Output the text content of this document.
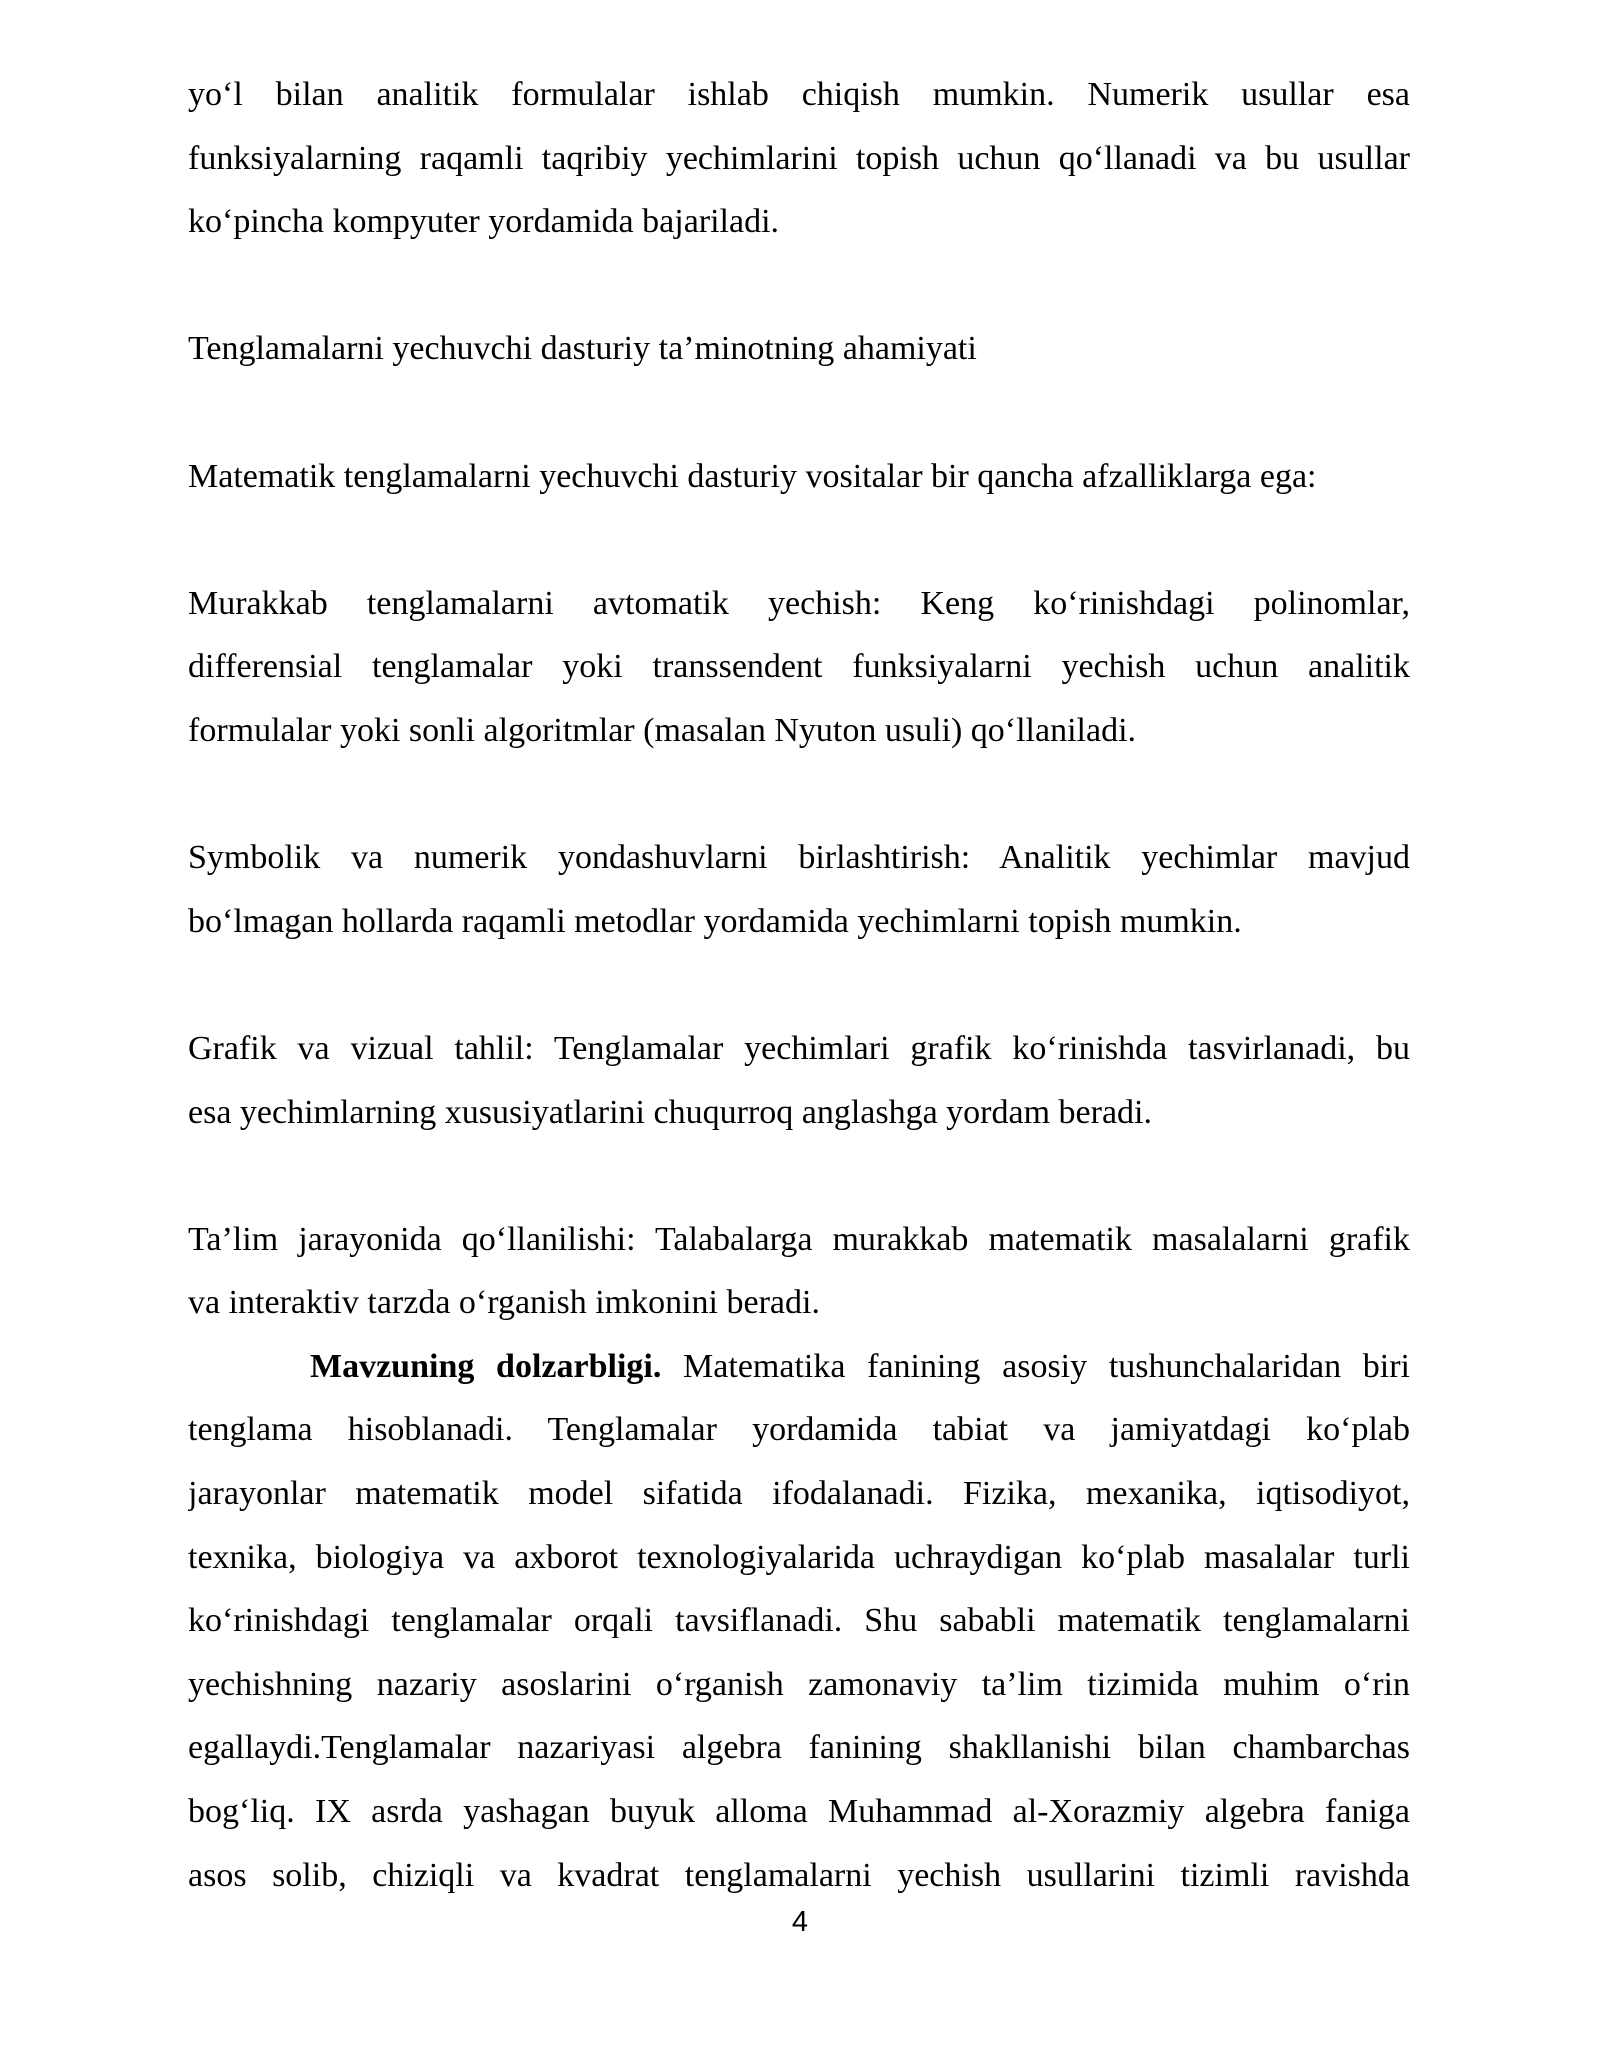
yoʻl bilan analitik formulalar ishlab chiqish mumkin. Numerik usullar esa
funksiyalarning raqamli taqribiy yechimlarini topish uchun qoʻllanadi va bu usullar
koʻpincha kompyuter yordamida bajariladi.
Tenglamalarni yechuvchi dasturiy ta’minotning ahamiyati
Matematik tenglamalarni yechuvchi dasturiy vositalar bir qancha afzalliklarga ega:
Murakkab tenglamalarni avtomatik yechish: Keng koʻrinishdagi polinomlar,
differensial tenglamalar yoki transsendent funksiyalarni yechish uchun analitik
formulalar yoki sonli algoritmlar (masalan Nyuton usuli) qoʻllaniladi.
Symbolik va numerik yondashuvlarni birlashtirish: Analitik yechimlar mavjud
boʻlmagan hollarda raqamli metodlar yordamida yechimlarni topish mumkin.
Grafik va vizual tahlil: Tenglamalar yechimlari grafik koʻrinishda tasvirlanadi, bu
esa yechimlarning xususiyatlarini chuqurroq anglashga yordam beradi.
Ta’lim jarayonida qoʻllanilishi: Talabalarga murakkab matematik masalalarni grafik
va interaktiv tarzda oʻrganish imkonini beradi.
Mavzuning dolzarbligi. Matematika fanining asosiy tushunchalaridan biri
tenglama hisoblanadi. Tenglamalar yordamida tabiat va jamiyatdagi koʻplab
jarayonlar matematik model sifatida ifodalanadi. Fizika, mexanika, iqtisodiyot,
texnika, biologiya va axborot texnologiyalarida uchraydigan koʻplab masalalar turli
koʻrinishdagi tenglamalar orqali tavsiflanadi. Shu sababli matematik tenglamalarni
yechishning nazariy asoslarini oʻrganish zamonaviy ta’lim tizimida muhim oʻrin
egallaydi.Tenglamalar nazariyasi algebra fanining shakllanishi bilan chambarchas
bogʻliq. IX asrda yashagan buyuk alloma Muhammad al-Xorazmiy algebra faniga
asos solib, chiziqli va kvadrat tenglamalarni yechish usullarini tizimli ravishda
4
